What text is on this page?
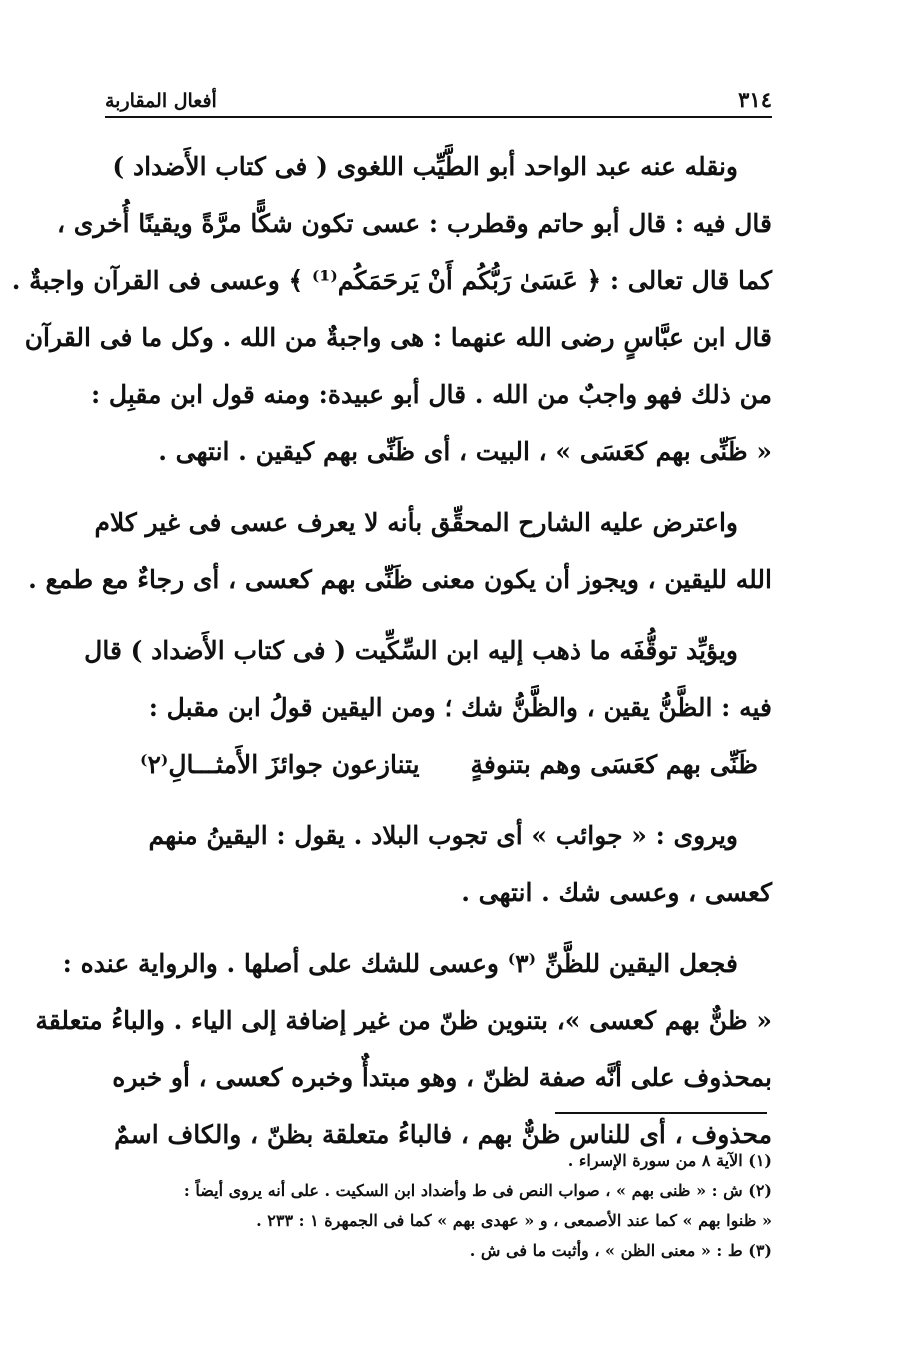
٣١٤
أفعال المقاربة
ونقله عنه عبد الواحد أبو الطَّيِّب اللغوى ( فى كتاب الأَضداد )
قال فيه : قال أبو حاتم وقطرب : عسى تكون شكًّا مرَّةً ويقينًا أُخرى ،
كما قال تعالى : ﴿ عَسَىٰ رَبُّكُم أَنْ يَرحَمَكُم⁽¹⁾ ﴾ وعسى فى القرآن واجبةٌ .
قال ابن عبَّاسٍ رضى الله عنهما : هى واجبةٌ من الله . وكل ما فى القرآن
من ذلك فهو واجبٌ من الله . قال أبو عبيدة: ومنه قول ابن مقبِل :
« ظَنِّى بهم كعَسَى » ، البيت ، أى ظَنِّى بهم كيقين . انتهى .
واعترض عليه الشارح المحقِّق بأنه لا يعرف عسى فى غير كلام
الله لليقين ، ويجوز أن يكون معنى ظَنِّى بهم كعسى ، أى رجاءٌ مع طمع .
ويؤيِّد توقُّفَه ما ذهب إليه ابن السِّكِّيت ( فى كتاب الأَضداد ) قال
فيه : الظَّنُّ يقين ، والظَّنُّ شك ؛ ومن اليقين قولُ ابن مقبل :
ظَنِّى بهم كعَسَى وهم بتنوفةٍ
يتنازعون جوائزَ الأَمثـــالِ⁽٢⁾
ويروى : « جوائب » أى تجوب البلاد . يقول : اليقينُ منهم
كعسى ، وعسى شك . انتهى .
فجعل اليقين للظَّنِّ ⁽٣⁾ وعسى للشك على أصلها . والرواية عنده :
« ظنٌّ بهم كعسى »، بتنوين ظنّ من غير إضافة إلى الياء . والباءُ متعلقة
بمحذوف على أنَّه صفة لظنّ ، وهو مبتدأٌ وخبره كعسى ، أو خبره
محذوف ، أى للناس ظنٌّ بهم ، فالباءُ متعلقة بظنّ ، والكاف اسمٌ
(١) الآية ٨ من سورة الإسراء .
(٢) ش : « ظنى بهم » ، صواب النص فى ط وأضداد ابن السكيت . على أنه يروى أيضاً :
« ظنوا بهم » كما عند الأصمعى ، و « عهدى بهم » كما فى الجمهرة ١ : ٢٣٣ .
(٣) ط : « معنى الظن » ، وأثبت ما فى ش .
